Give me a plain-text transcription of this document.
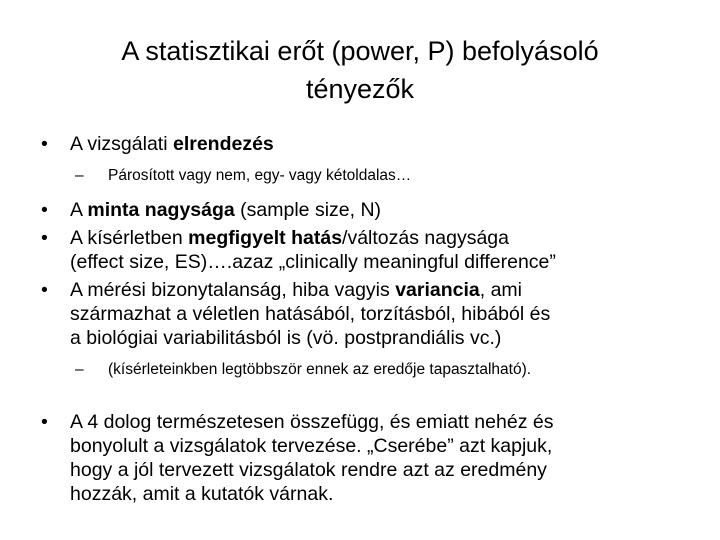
A statisztikai erőt (power, P) befolyásoló
tényezők
• A vizsgálati elrendezés
– Párosított vagy nem, egy- vagy kétoldalas…
• A minta nagysága (sample size, N)
• A kísérletben megfigyelt hatás/változás nagysága
(effect size, ES)….azaz „clinically meaningful difference”
• A mérési bizonytalanság, hiba vagyis variancia, ami
származhat a véletlen hatásából, torzításból, hibából és
a biológiai variabilitásból is (vö. postprandiális vc.)
– (kísérleteinkben legtöbbször ennek az eredője tapasztalható).
• A 4 dolog természetesen összefügg, és emiatt nehéz és
bonyolult a vizsgálatok tervezése. „Cserébe” azt kapjuk,
hogy a jól tervezett vizsgálatok rendre azt az eredmény
hozzák, amit a kutatók várnak.
